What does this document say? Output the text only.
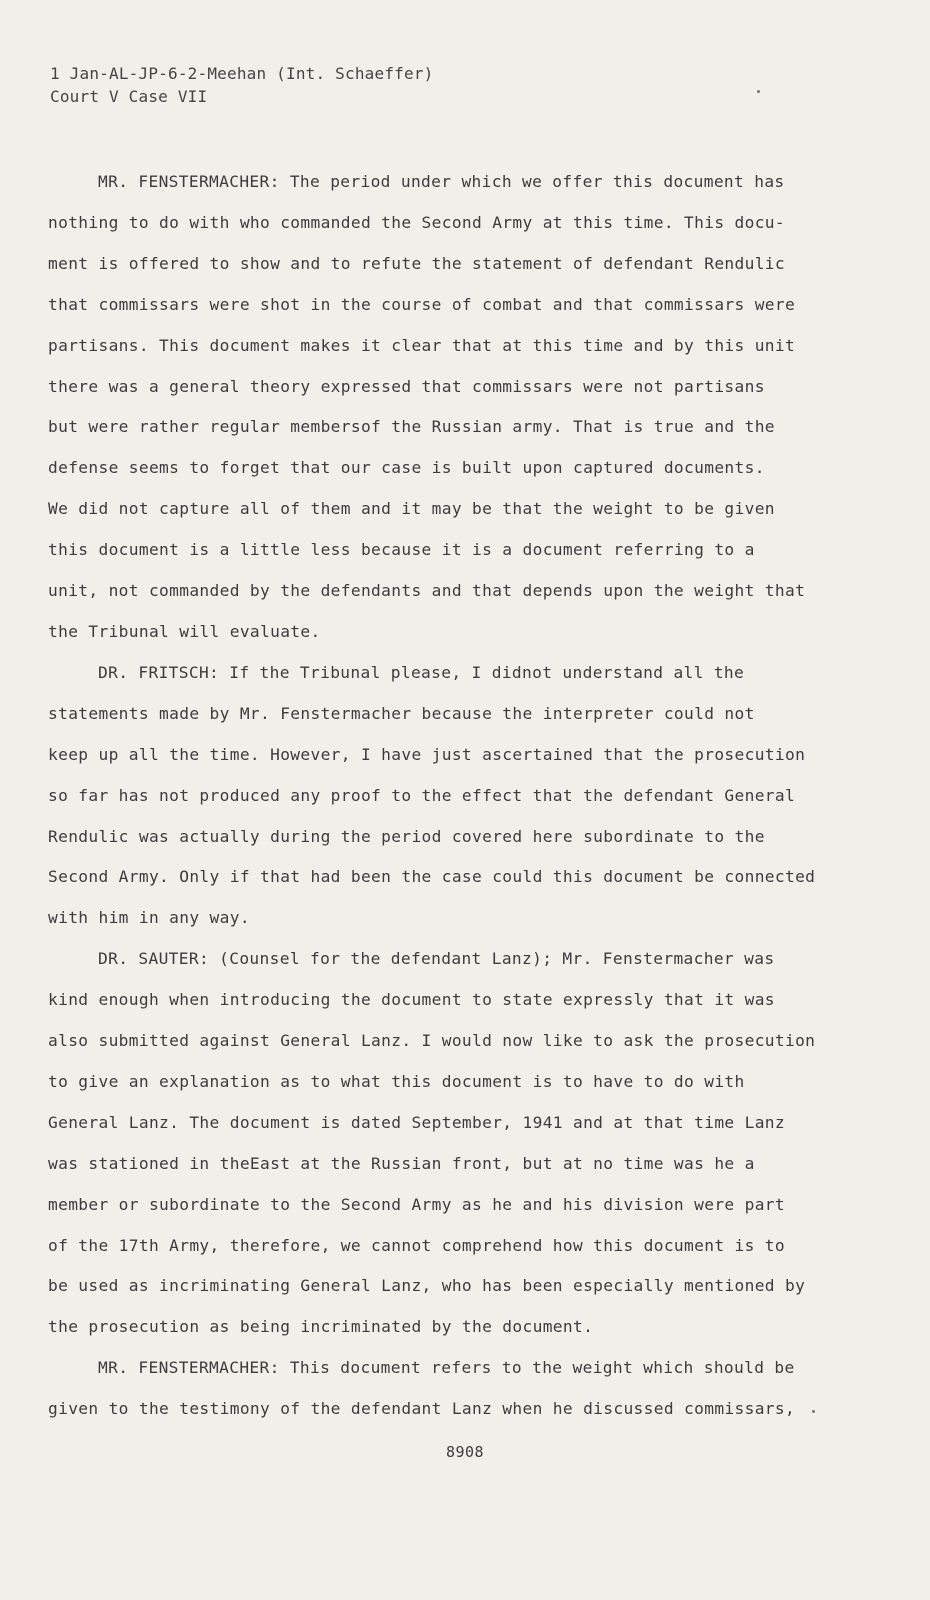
1 Jan-AL-JP-6-2-Meehan (Int. Schaeffer)
Court V Case VII
MR. FENSTERMACHER: The period under which we offer this document has
nothing to do with who commanded the Second Army at this time. This docu-
ment is offered to show and to refute the statement of defendant Rendulic
that commissars were shot in the course of combat and that commissars were
partisans. This document makes it clear that at this time and by this unit
there was a general theory expressed that commissars were not partisans
but were rather regular membersof the Russian army. That is true and the
defense seems to forget that our case is built upon captured documents.
We did not capture all of them and it may be that the weight to be given
this document is a little less because it is a document referring to a
unit, not commanded by the defendants and that depends upon the weight that
the Tribunal will evaluate.
DR. FRITSCH: If the Tribunal please, I didnot understand all the
statements made by Mr. Fenstermacher because the interpreter could not
keep up all the time. However, I have just ascertained that the prosecution
so far has not produced any proof to the effect that the defendant General
Rendulic was actually during the period covered here subordinate to the
Second Army. Only if that had been the case could this document be connected
with him in any way.
DR. SAUTER: (Counsel for the defendant Lanz); Mr. Fenstermacher was
kind enough when introducing the document to state expressly that it was
also submitted against General Lanz. I would now like to ask the prosecution
to give an explanation as to what this document is to have to do with
General Lanz. The document is dated September, 1941 and at that time Lanz
was stationed in theEast at the Russian front, but at no time was he a
member or subordinate to the Second Army as he and his division were part
of the 17th Army, therefore, we cannot comprehend how this document is to
be used as incriminating General Lanz, who has been especially mentioned by
the prosecution as being incriminated by the document.
MR. FENSTERMACHER: This document refers to the weight which should be
given to the testimony of the defendant Lanz when he discussed commissars,
8908
